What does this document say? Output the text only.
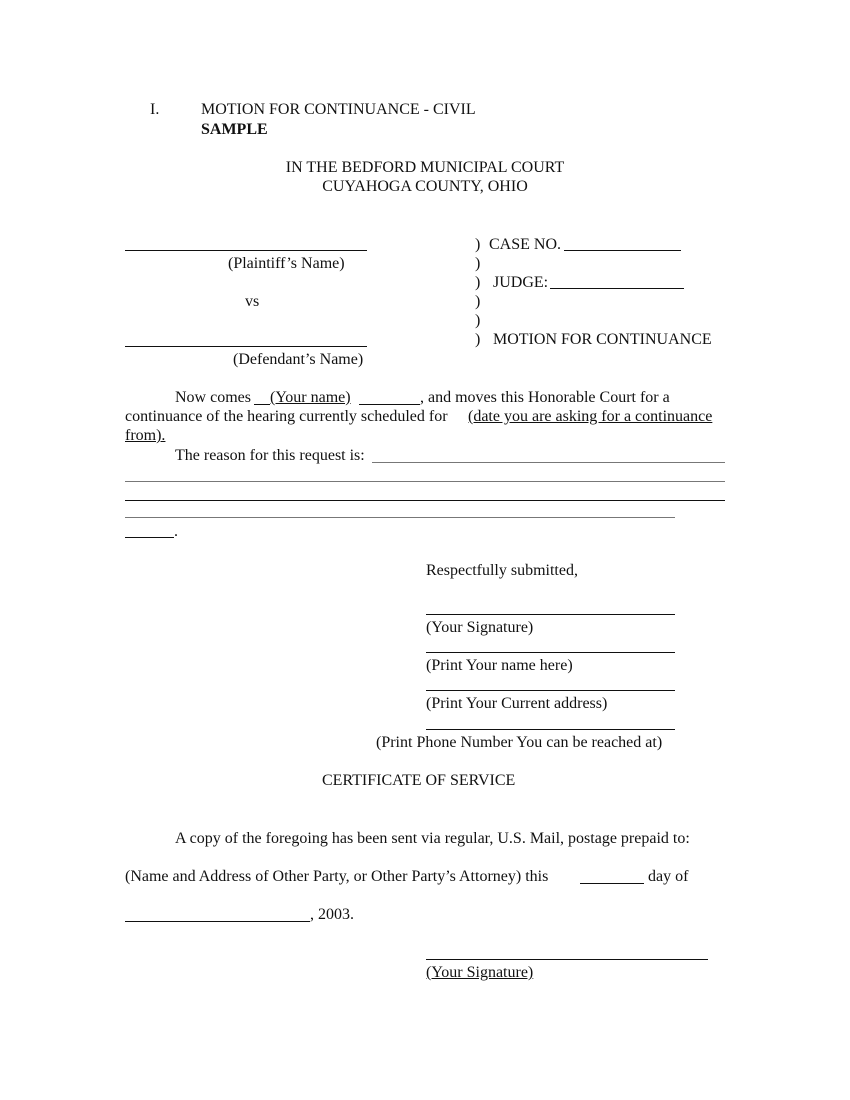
I.	MOTION FOR CONTINUANCE - CIVIL
SAMPLE
IN THE BEDFORD MUNICIPAL COURT
CUYAHOGA COUNTY, OHIO
(Plaintiff’s Name)
vs
(Defendant’s Name)
)
)
)
)
)
)
CASE NO.
JUDGE:
MOTION FOR CONTINUANCE
Now comes (Your name)	, and moves this Honorable Court for a
continuance of the hearing currently scheduled for (date you are asking for a continuance
from).
The reason for this request is:
.
Respectfully submitted,
(Your Signature)
(Print Your name here)
(Print Your Current address)
(Print Phone Number You can be reached at)
CERTIFICATE OF SERVICE
A copy of the foregoing has been sent via regular, U.S. Mail, postage prepaid to:
(Name and Address of Other Party, or Other Party’s Attorney) this	day of
, 2003.
(Your Signature)
